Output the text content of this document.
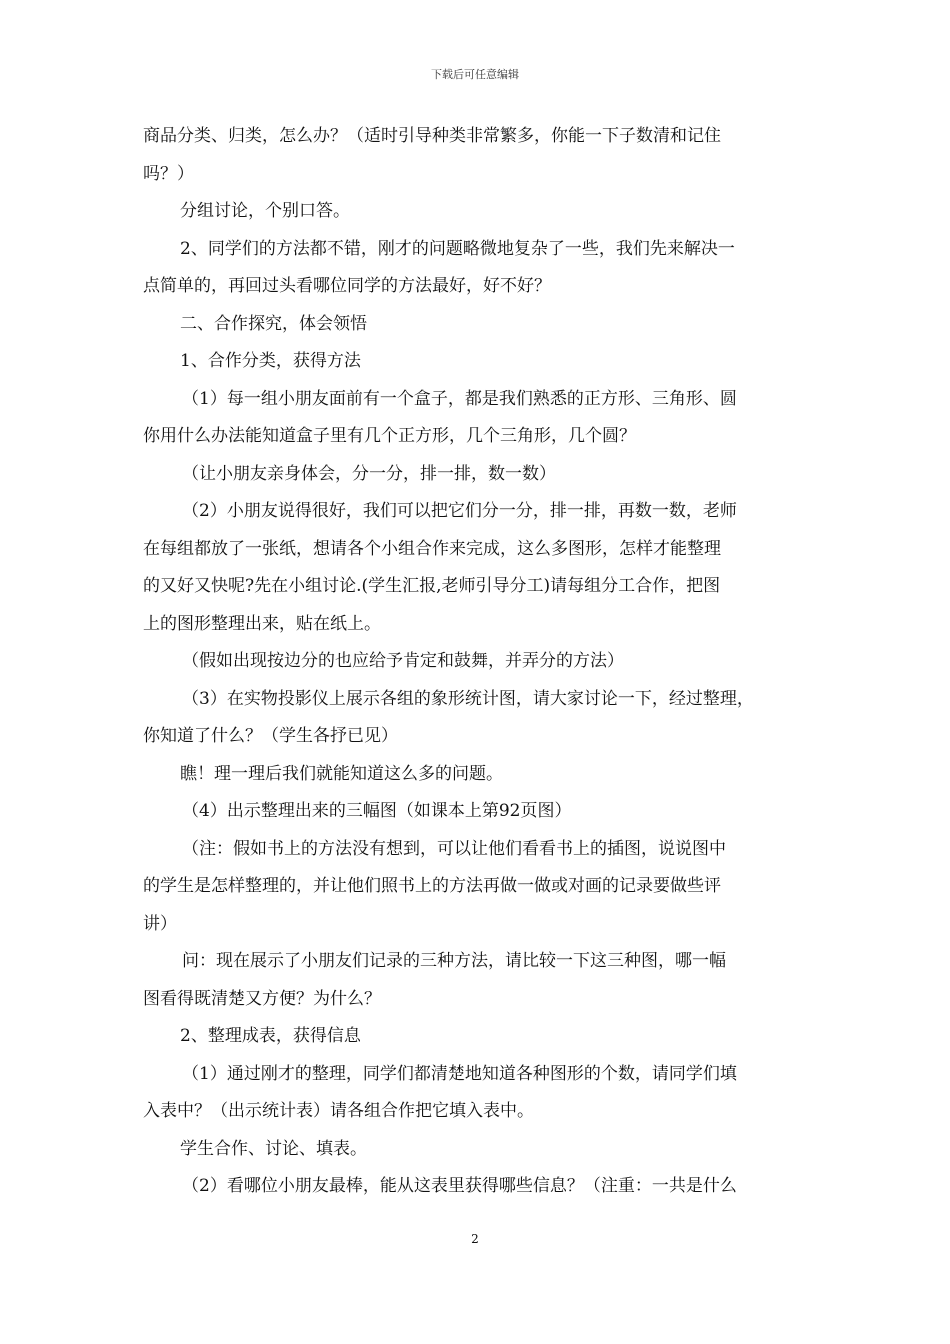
下载后可任意编辑
商品分类、归类，怎么办？（适时引导种类非常繁多，你能一下子数清和记住
吗？）
分组讨论，个别口答。
2、同学们的方法都不错，刚才的问题略微地复杂了一些，我们先来解决一
点简单的，再回过头看哪位同学的方法最好，好不好？
二、合作探究，体会领悟
1、合作分类，获得方法
（1）每一组小朋友面前有一个盒子，都是我们熟悉的正方形、三角形、圆
你用什么办法能知道盒子里有几个正方形，几个三角形，几个圆？
（让小朋友亲身体会，分一分，排一排，数一数）
（2）小朋友说得很好，我们可以把它们分一分，排一排，再数一数，老师
在每组都放了一张纸，想请各个小组合作来完成，这么多图形，怎样才能整理
的又好又快呢?先在小组讨论.(学生汇报,老师引导分工)请每组分工合作，把图
上的图形整理出来，贴在纸上。
（假如出现按边分的也应给予肯定和鼓舞，并弄分的方法）
（3）在实物投影仪上展示各组的象形统计图，请大家讨论一下，经过整理，
你知道了什么？（学生各抒已见）
瞧！理一理后我们就能知道这么多的问题。
（4）出示整理出来的三幅图（如课本上第92页图）
（注：假如书上的方法没有想到，可以让他们看看书上的插图，说说图中
的学生是怎样整理的，并让他们照书上的方法再做一做或对画的记录要做些评
讲）
问：现在展示了小朋友们记录的三种方法，请比较一下这三种图，哪一幅
图看得既清楚又方便？为什么？
2、整理成表，获得信息
（1）通过刚才的整理，同学们都清楚地知道各种图形的个数，请同学们填
入表中？（出示统计表）请各组合作把它填入表中。
学生合作、讨论、填表。
（2）看哪位小朋友最棒，能从这表里获得哪些信息？（注重：一共是什么
2
